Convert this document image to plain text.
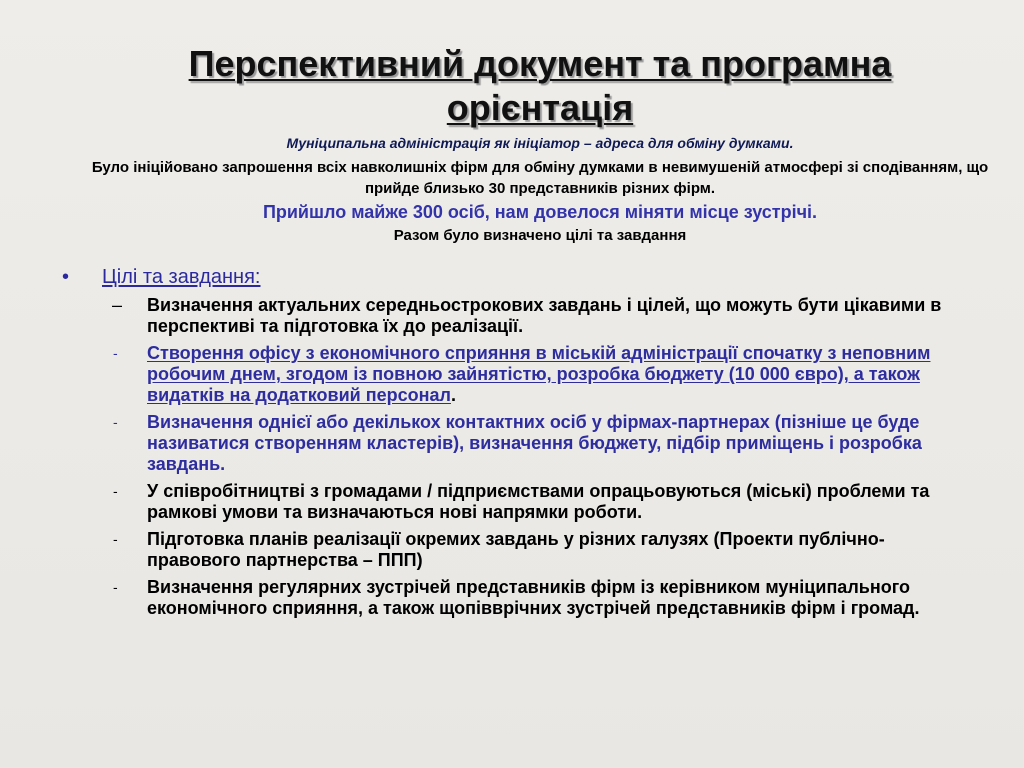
Перспективний документ та програмна орієнтація
Муніципальна адміністрація як ініціатор – адреса для обміну думками.
Було ініційовано запрошення всіх навколишніх фірм для обміну думками в невимушеній атмосфері зі сподіванням, що прийде близько 30 представників різних фірм.
Прийшло майже 300 осіб, нам довелося міняти місце зустрічі.
Разом було визначено цілі та завдання
• Цілі та завдання:
– Визначення актуальних середньострокових завдань і цілей, що можуть бути цікавими в перспективі та підготовка їх до реалізації.
- Створення офісу з економічного сприяння в міській адміністрації спочатку з неповним робочим днем, згодом із повною зайнятістю, розробка бюджету (10 000 євро), а також видатків на додатковий персонал.
- Визначення однієї або декількох контактних осіб у фірмах-партнерах (пізніше це буде називатися створенням кластерів), визначення бюджету, підбір приміщень і розробка завдань.
- У співробітництві з громадами / підприємствами опрацьовуються (міські) проблеми та рамкові умови та визначаються нові напрямки роботи.
- Підготовка планів реалізації окремих завдань у різних галузях (Проекти публічно-правового партнерства – ППП)
- Визначення регулярних зустрічей представників фірм із керівником муніципального економічного сприяння, а також щопівврічних зустрічей представників фірм і громад.
